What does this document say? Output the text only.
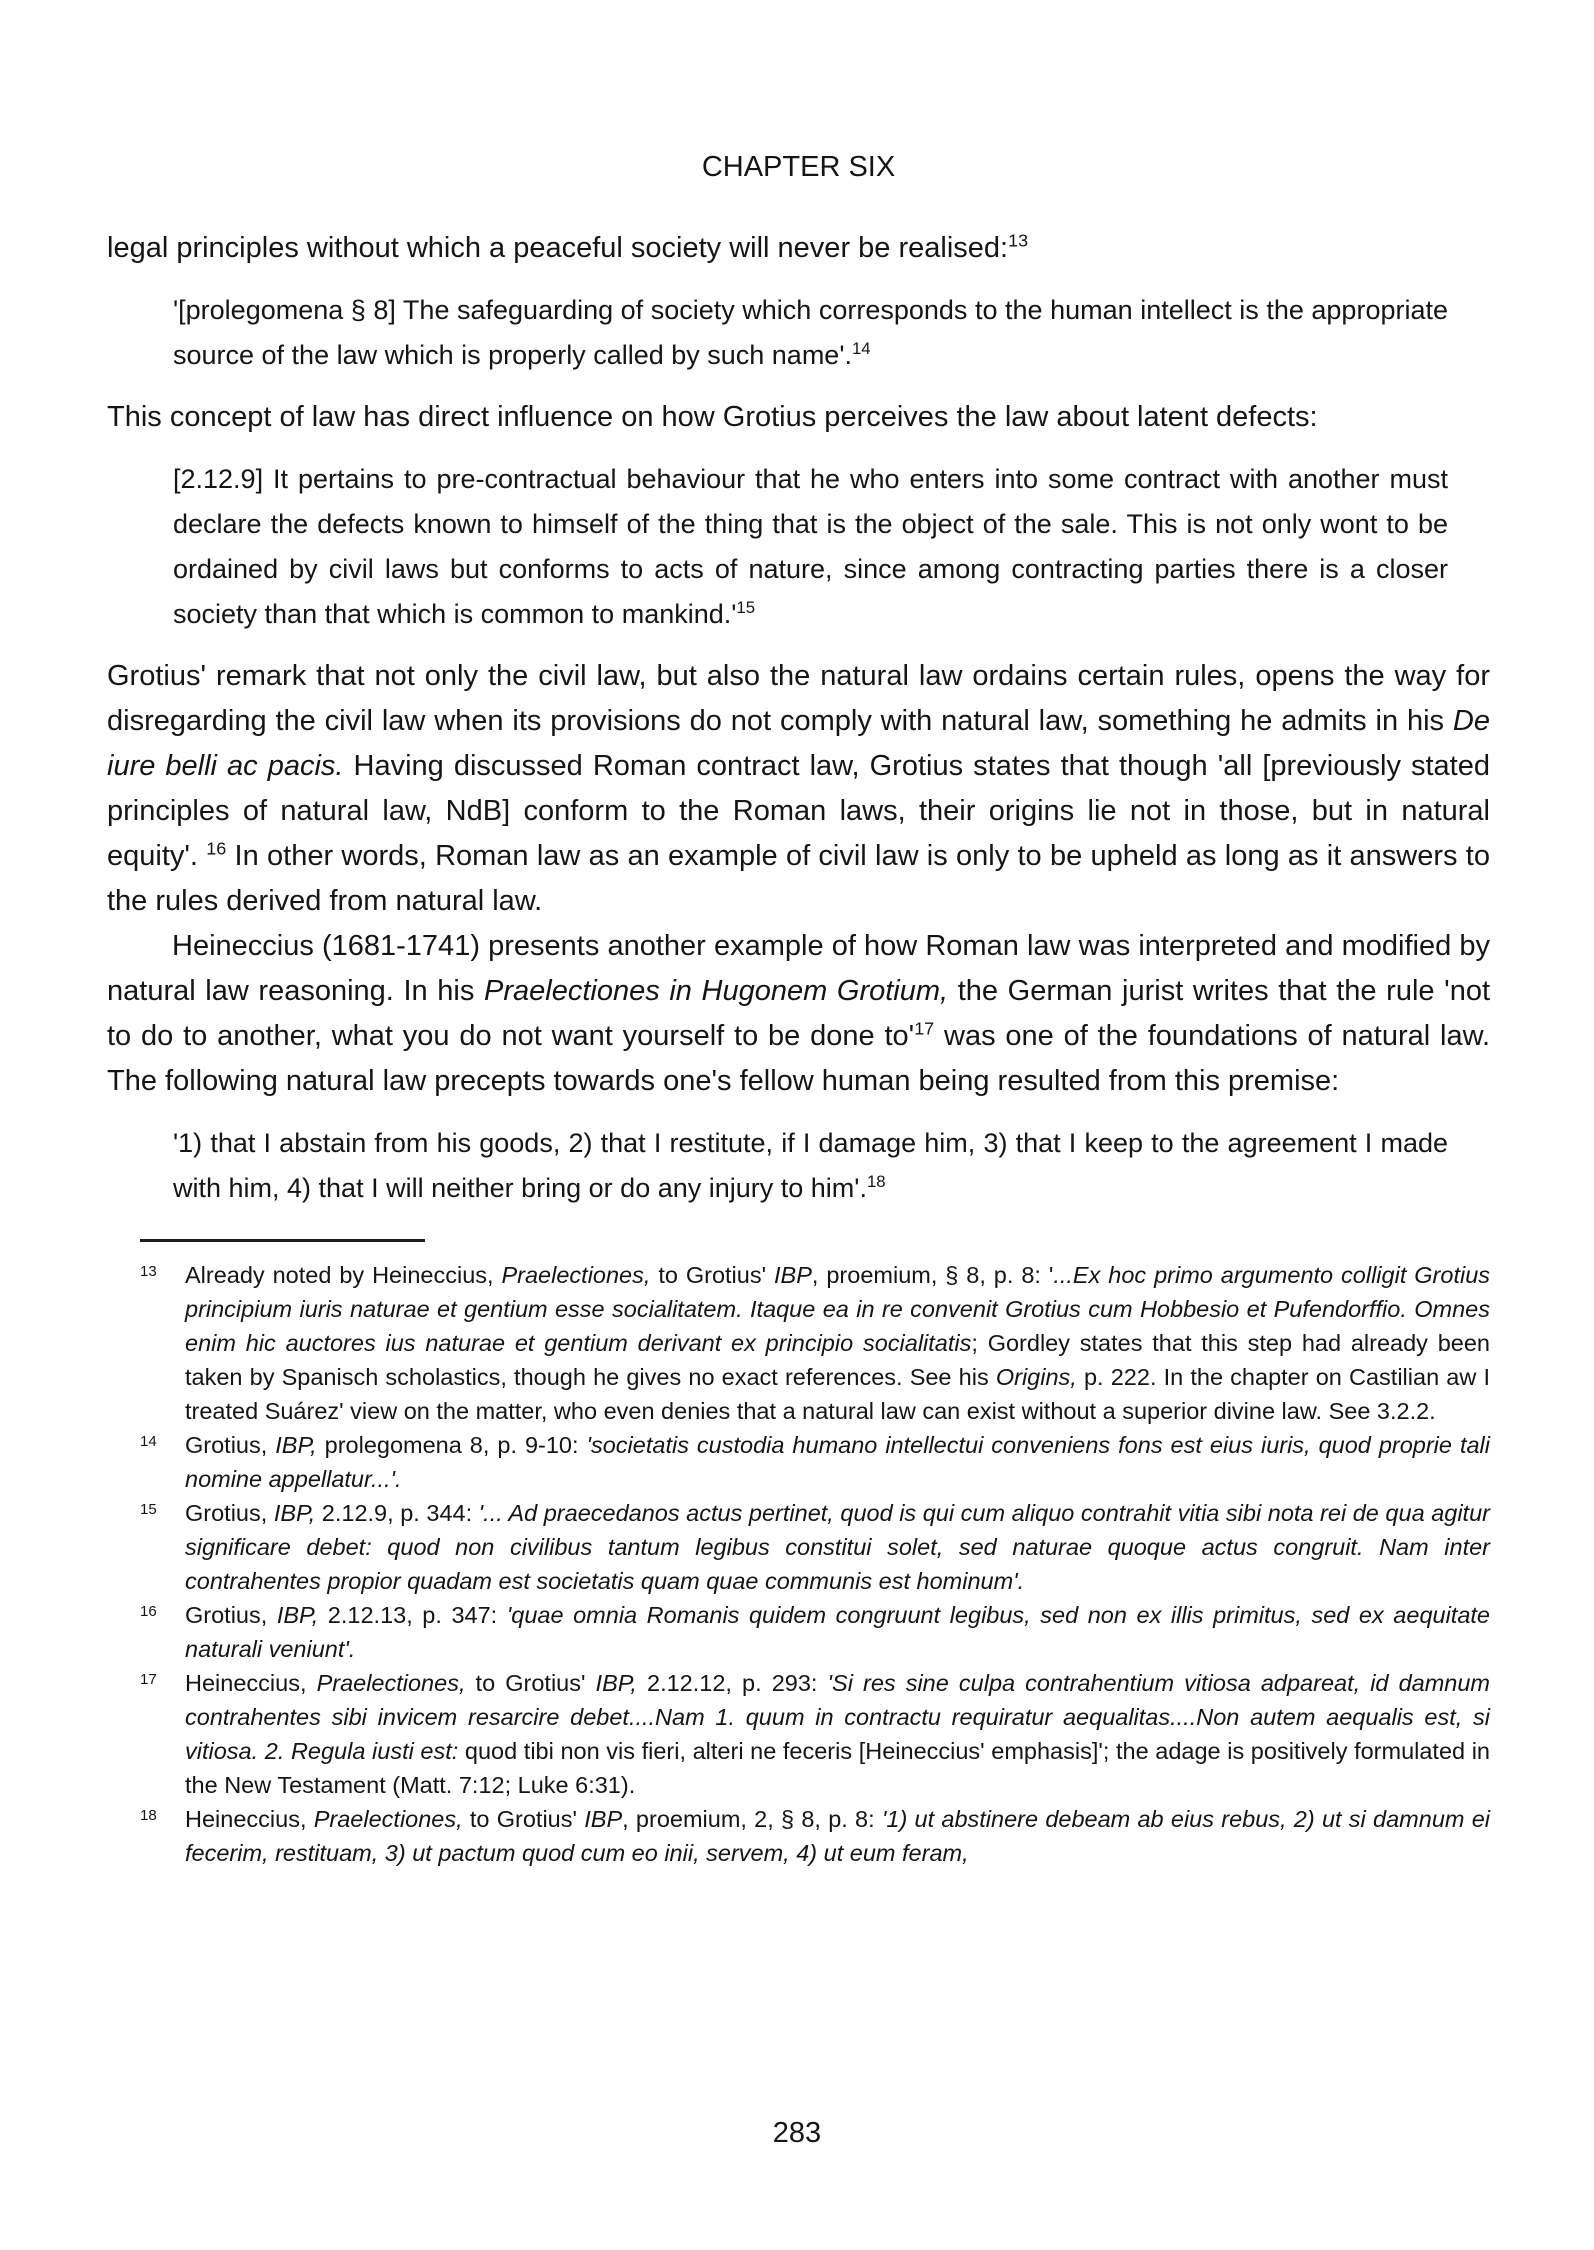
CHAPTER SIX

legal principles without which a peaceful society will never be realised:$^{13}$

'[prolegomena § 8] The safeguarding of society which corresponds to the human intellect is the appropriate source of the law which is properly called by such name'.$^{14}$

This concept of law has direct influence on how Grotius perceives the law about latent defects:

[2.12.9] It pertains to pre-contractual behaviour that he who enters into some contract with another must declare the defects known to himself of the thing that is the object of the sale. This is not only wont to be ordained by civil laws but conforms to acts of nature, since among contracting parties there is a closer society than that which is common to $mankind.'^{15}$

Grotius' remark that not only the civil law, but also the natural law ordains certain rules, opens the way for disregarding the civil law when its provisions do not comply with natural law, something he admits in his De iure belli ac pacis. Having discussed Roman contract law, Grotius states that though 'all [previously stated principles of natural law, NdB] conform to the Roman laws, their origins lie not in those, but in natural equity'. $^{16}$ In other words, Roman law as an example of civil law is only to be upheld as long as it answers to the rules derived from natural law.

Heineccius (1681-1741) presents another example of how Roman law was interpreted and modified by natural law reasoning. In his Praelectiones in Hugonem Grotium, the German jurist writes that the rule 'not to do to another, what you do not want yourself to be done $to'^{17}$ was one of the foundations of natural law. The following natural law precepts towards one's fellow human being resulted from this premise:

'1) that I abstain from his goods, 2) that I restitute, if I damage him, 3) that I keep to the agreement I made with him, 4) that I will neither bring or do any injury to him'.$^{18}$

13 Already noted by Heineccius, Praelectiones, to Grotius' IBP, proemium, § 8, p. 8: '...Ex hoc primo argumento colligit Grotius principium iuris naturae et gentium esse socialitatem. Itaque ea in re convenit Grotius cum Hobbesio et Pufendorffio. Omnes enim hic auctores ius naturae et gentium derivant ex principio socialitatis; Gordley states that this step had already been taken by Spanisch scholastics, though he gives no exact references. See his Origins, p. 222. In the chapter on Castilian aw I treated Suárez' view on the matter, who even denies that a natural law can exist without a superior divine law. See 3.2.2.
14 Grotius, IBP, prolegomena 8, p. 9-10: 'societatis custodia humano intellectui conveniens fons est eius iuris, quod proprie tali nomine appellatur...'.
15 Grotius, IBP, 2.12.9, p. 344: '... Ad praecedanos actus pertinet, quod is qui cum aliquo contrahit vitia sibi nota rei de qua agitur significare debet: quod non civilibus tantum legibus constitui solet, sed naturae quoque actus congruit. Nam inter contrahentes propior quadam est societatis quam quae communis est hominum'.
16 Grotius, IBP, 2.12.13, p. 347: 'quae omnia Romanis quidem congruunt legibus, sed non ex illis primitus, sed ex aequitate naturali veniunt'.
17 Heineccius, Praelectiones, to Grotius' IBP, 2.12.12, p. 293: 'Si res sine culpa contrahentium vitiosa adpareat, id damnum contrahentes sibi invicem resarcire debet....Nam 1. quum in contractu requiratur aequalitas....Non autem aequalis est, si vitiosa. 2. Regula iusti est: quod tibi non vis fieri, alteri ne feceris [Heineccius' emphasis]'; the adage is positively formulated in the New Testament (Matt. 7:12; Luke 6:31).
18 Heineccius, Praelectiones, to Grotius' IBP, proemium, 2, § 8, p. 8: '1) ut abstinere debeam ab eius rebus, 2) ut si damnum ei fecerim, restituam, 3) ut pactum quod cum eo inii, servem, 4) ut eum feram,
283
